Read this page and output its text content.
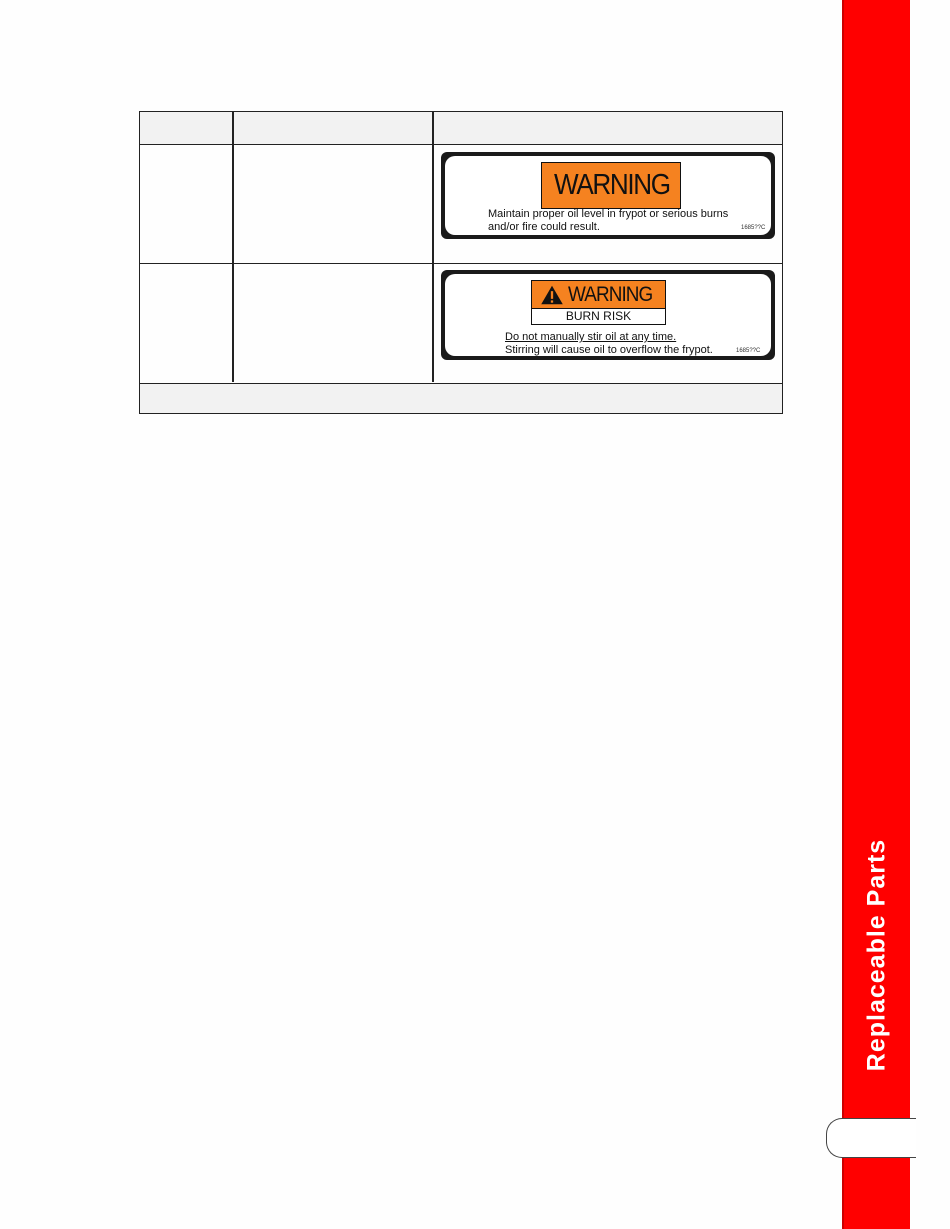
WARNING
Maintain proper oil level in frypot or serious burns
and/or fire could result.	1685??C
WARNING
BURN RISK
Do not manually stir oil at any time.
Stirring will cause oil to overflow the frypot.	1685??C
Replaceable Parts
